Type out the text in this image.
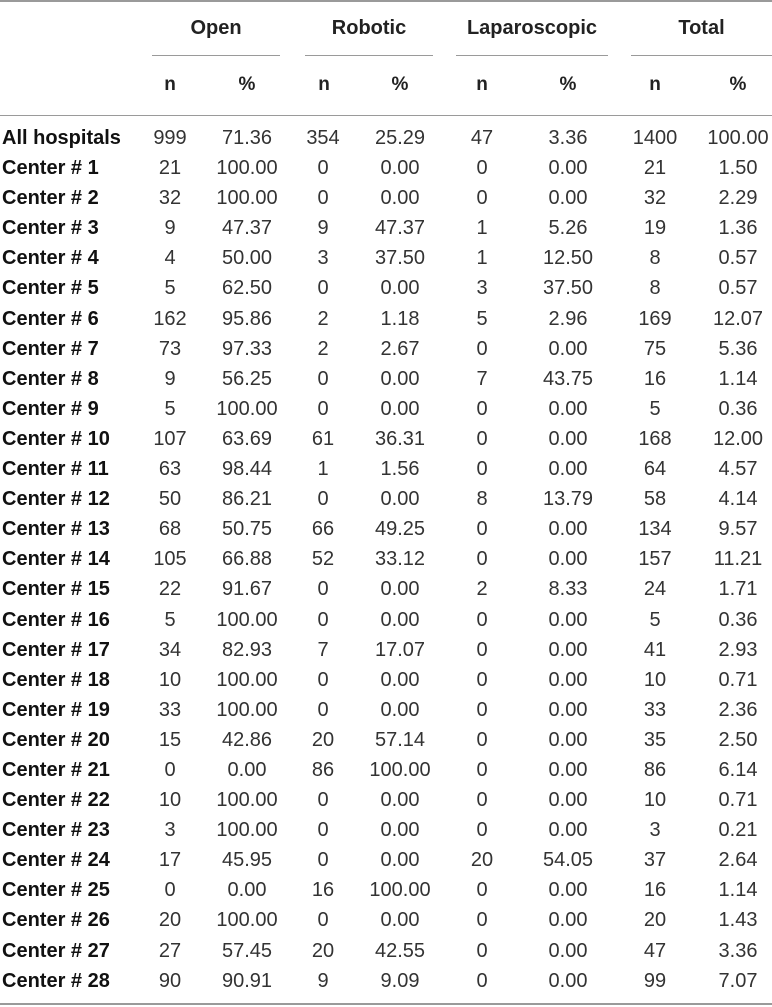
Open	Robotic	Laparoscopic	Total
n	%	n	%	n	%	n	%
All hospitals	999	71.36	354	25.29	47	3.36	1400	100.00
Center # 1	21	100.00	0	0.00	0	0.00	21	1.50
Center # 2	32	100.00	0	0.00	0	0.00	32	2.29
Center # 3	9	47.37	9	47.37	1	5.26	19	1.36
Center # 4	4	50.00	3	37.50	1	12.50	8	0.57
Center # 5	5	62.50	0	0.00	3	37.50	8	0.57
Center # 6	162	95.86	2	1.18	5	2.96	169	12.07
Center # 7	73	97.33	2	2.67	0	0.00	75	5.36
Center # 8	9	56.25	0	0.00	7	43.75	16	1.14
Center # 9	5	100.00	0	0.00	0	0.00	5	0.36
Center # 10	107	63.69	61	36.31	0	0.00	168	12.00
Center # 11	63	98.44	1	1.56	0	0.00	64	4.57
Center # 12	50	86.21	0	0.00	8	13.79	58	4.14
Center # 13	68	50.75	66	49.25	0	0.00	134	9.57
Center # 14	105	66.88	52	33.12	0	0.00	157	11.21
Center # 15	22	91.67	0	0.00	2	8.33	24	1.71
Center # 16	5	100.00	0	0.00	0	0.00	5	0.36
Center # 17	34	82.93	7	17.07	0	0.00	41	2.93
Center # 18	10	100.00	0	0.00	0	0.00	10	0.71
Center # 19	33	100.00	0	0.00	0	0.00	33	2.36
Center # 20	15	42.86	20	57.14	0	0.00	35	2.50
Center # 21	0	0.00	86	100.00	0	0.00	86	6.14
Center # 22	10	100.00	0	0.00	0	0.00	10	0.71
Center # 23	3	100.00	0	0.00	0	0.00	3	0.21
Center # 24	17	45.95	0	0.00	20	54.05	37	2.64
Center # 25	0	0.00	16	100.00	0	0.00	16	1.14
Center # 26	20	100.00	0	0.00	0	0.00	20	1.43
Center # 27	27	57.45	20	42.55	0	0.00	47	3.36
Center # 28	90	90.91	9	9.09	0	0.00	99	7.07
